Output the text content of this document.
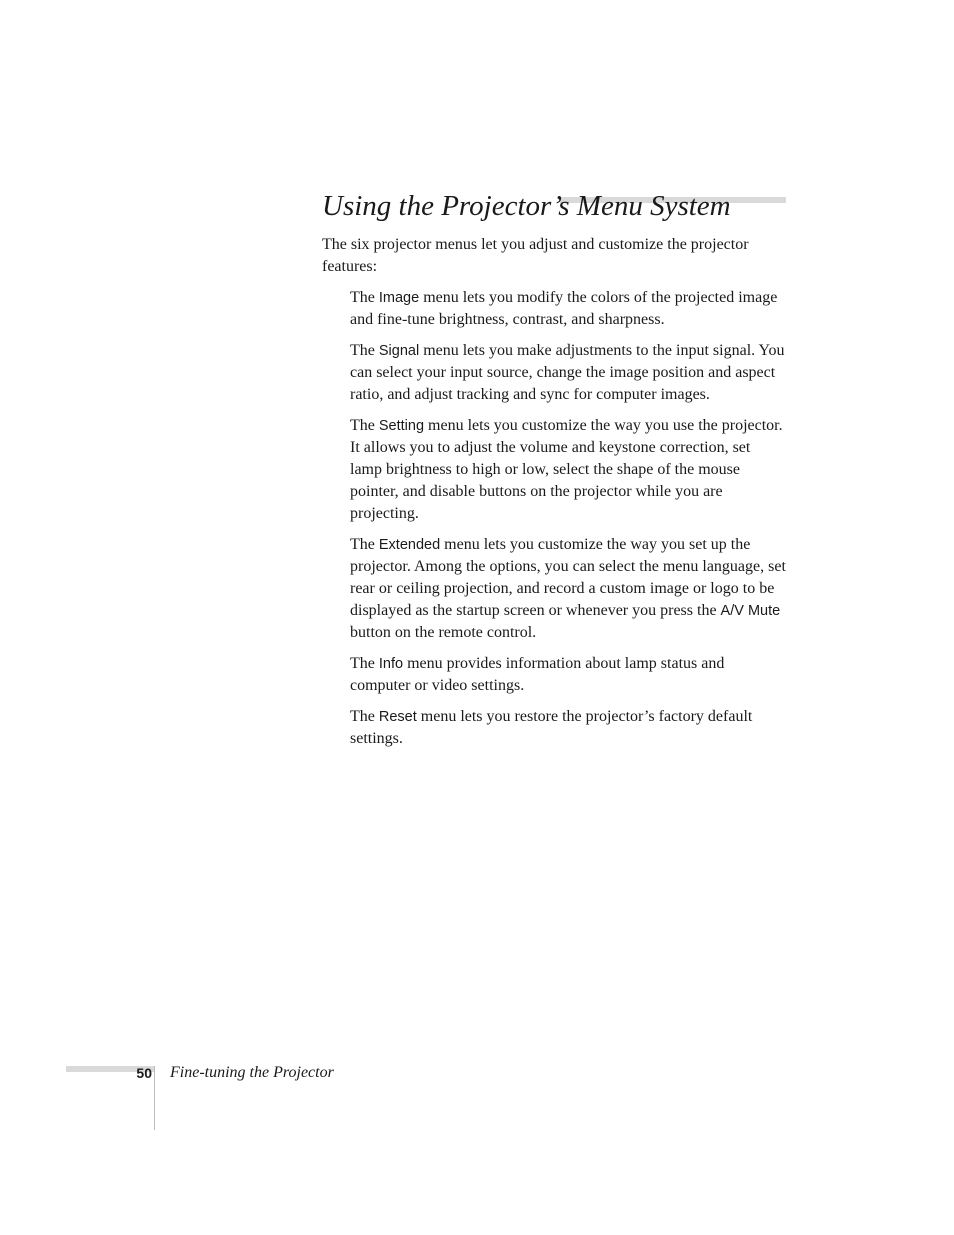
Using the Projector’s Menu System

The six projector menus let you adjust and customize the projector features:

The Image menu lets you modify the colors of the projected image and fine-tune brightness, contrast, and sharpness.

The Signal menu lets you make adjustments to the input signal. You can select your input source, change the image position and aspect ratio, and adjust tracking and sync for computer images.

The Setting menu lets you customize the way you use the projector. It allows you to adjust the volume and keystone correction, set lamp brightness to high or low, select the shape of the mouse pointer, and disable buttons on the projector while you are projecting.

The Extended menu lets you customize the way you set up the projector. Among the options, you can select the menu language, set rear or ceiling projection, and record a custom image or logo to be displayed as the startup screen or whenever you press the A/V Mute button on the remote control.

The Info menu provides information about lamp status and computer or video settings.

The Reset menu lets you restore the projector’s factory default settings.

50 Fine-tuning the Projector
